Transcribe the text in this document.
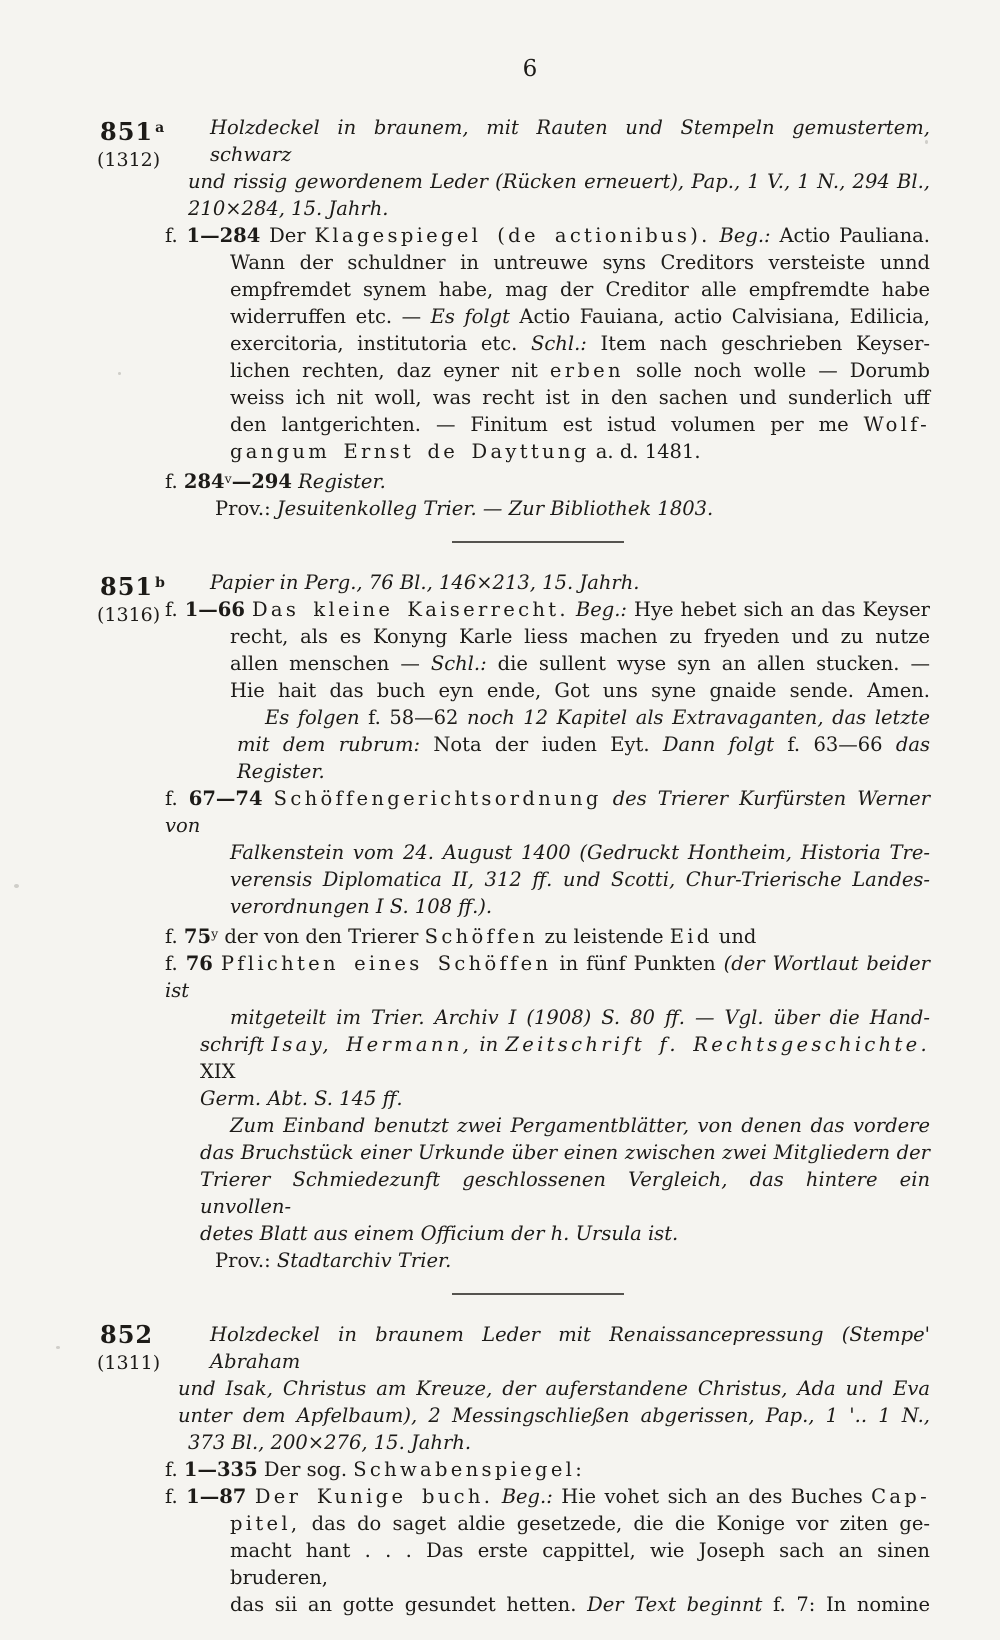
6
851 $^a$
(1312)
Holzdeckel in braunem, mit Rauten und Stempeln gemustertem, schwarz
und rissig gewordenem Leder (Rücken erneuert), Pap., 1 V., 1 N., 294 Bl.,
210×284, 15. Jahrh.
f. 1—284 Der Klagespiegel (de actionibus). Beg.: Actio Pauliana.
Wann der schuldner in untreuwe syns Creditors versteiste unnd
empfremdet synem habe, mag der Creditor alle empfremdte habe
widerruffen etc. — Es folgt Actio Fauiana, actio Calvisiana, Edilicia,
exercitoria, institutoria etc. Schl.: Item nach geschrieben Keyser-
lichen rechten, daz eyner nit erben solle noch wolle — Dorumb
weiss ich nit woll, was recht ist in den sachen und sunderlich uff
den lantgerichten. — Finitum est istud volumen per me Wolf-
gangum Ernst de Dayttung a. d. 1481.
f. 284$^v$—294 Register.
Prov.: Jesuitenkolleg Trier. — Zur Bibliothek 1803.
851 $^b$
(1316)
Papier in Perg., 76 Bl., 146×213, 15. Jahrh.
f. 1—66 Das kleine Kaiserrecht. Beg.: Hye hebet sich an das Keyser
recht, als es Konyng Karle liess machen zu fryeden und zu nutze
allen menschen — Schl.: die sullent wyse syn an allen stucken. —
Hie hait das buch eyn ende, Got uns syne gnaide sende. Amen.
Es folgen f. 58—62 noch 12 Kapitel als Extravaganten, das letzte
mit dem rubrum: Nota der iuden Eyt. Dann folgt f. 63—66 das Register.
f. 67—74 Schöffengerichtsordnung des Trierer Kurfürsten Werner von
Falkenstein vom 24. August 1400 (Gedruckt Hontheim, Historia Tre-
verensis Diplomatica II, 312 ff. und Scotti, Chur-Trierische Landes-
verordnungen I S. 108 ff.).
f. 75$^y$ der von den Trierer Schöffen zu leistende Eid und
f. 76 Pflichten eines Schöffen in fünf Punkten (der Wortlaut beider ist
mitgeteilt im Trier. Archiv I (1908) S. 80 ff. — Vgl. über die Hand-
schrift Isay, Hermann, in Zeitschrift f. Rechtsgeschichte. XIX
Germ. Abt. S. 145 ff.
Zum Einband benutzt zwei Pergamentblätter, von denen das vordere
das Bruchstück einer Urkunde über einen zwischen zwei Mitgliedern der
Trierer Schmiedezunft geschlossenen Vergleich, das hintere ein unvollen-
detes Blatt aus einem Officium der h. Ursula ist.
Prov.: Stadtarchiv Trier.
852
(1311)
Holzdeckel in braunem Leder mit Renaissancepressung (Stempe' Abraham
und Isak, Christus am Kreuze, der auferstandene Christus, Ada und Eva
unter dem Apfelbaum), 2 Messingschließen abgerissen, Pap., 1 '.. 1 N.,
373 Bl., 200×276, 15. Jahrh.
f. 1—335 Der sog. Schwabenspiegel:
f. 1—87 Der Kunige buch. Beg.: Hie vohet sich an des Buches Cap-
pitel, das do saget aldie gesetzede, die die Konige vor ziten ge-
macht hant . . . Das erste cappittel, wie Joseph sach an sinen bruderen,
das sii an gotte gesundet hetten. Der Text beginnt f. 7: In nomine
